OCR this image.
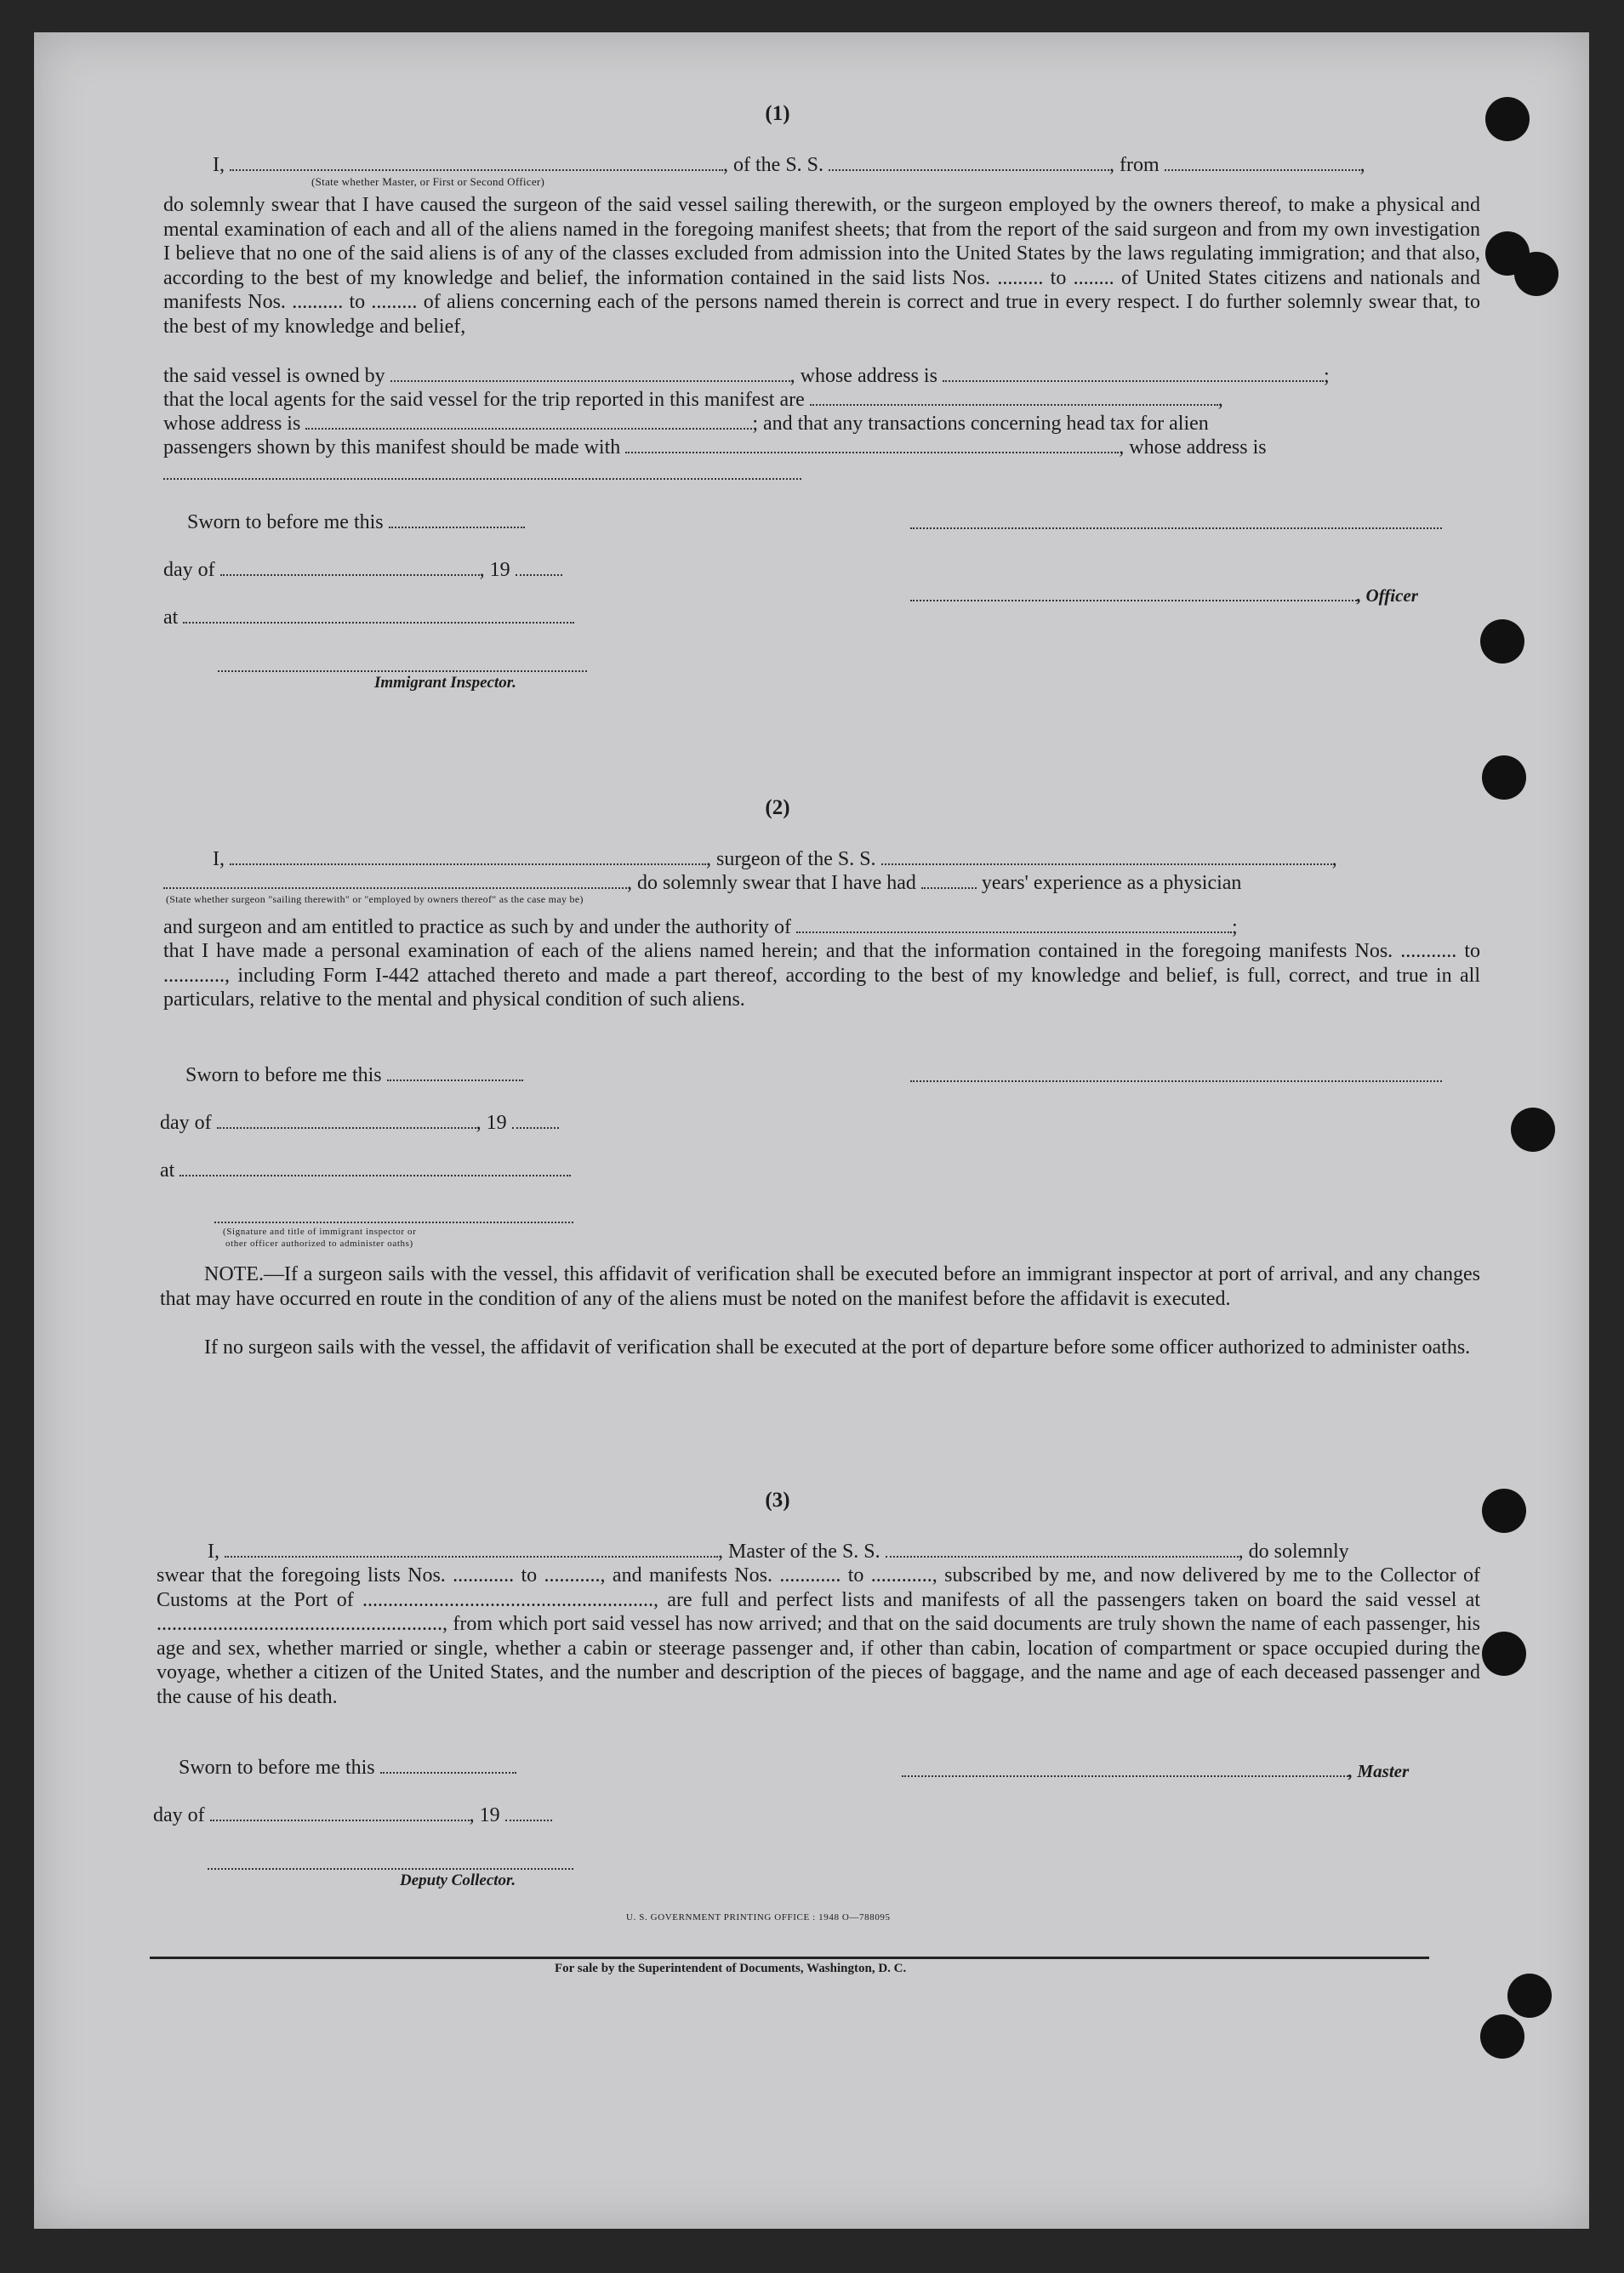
(1)
I,	, of the S. S.	, from	,
(State whether Master, or First or Second Officer)
do solemnly swear that I have caused the surgeon of the said vessel sailing therewith, or the surgeon employed by the owners thereof, to make a physical and mental examination of each and all of the aliens named in the foregoing manifest sheets; that from the report of the said surgeon and from my own investigation I believe that no one of the said aliens is of any of the classes excluded from admission into the United States by the laws regulating immigration; and that also, according to the best of my knowledge and belief, the information contained in the said lists Nos. ......... to ........ of United States citizens and nationals and manifests Nos. .......... to ......... of aliens concerning each of the persons named therein is correct and true in every respect. I do further solemnly swear that, to the best of my knowledge and belief,
the said vessel is owned by	, whose address is	;
that the local agents for the said vessel for the trip reported in this manifest are	,
whose address is	; and that any transactions concerning head tax for alien
passengers shown by this manifest should be made with	, whose address is
Sworn to before me this
day of	, 19
, Officer
at
Immigrant Inspector.
(2)
I,	, surgeon of the S. S.	,
, do solemnly swear that I have had	years' experience as a physician
(State whether surgeon "sailing therewith" or "employed by owners thereof" as the case may be)
and surgeon and am entitled to practice as such by and under the authority of	;
that I have made a personal examination of each of the aliens named herein; and that the information contained in the foregoing manifests Nos. ........... to ............, including Form I-442 attached thereto and made a part thereof, according to the best of my knowledge and belief, is full, correct, and true in all particulars, relative to the mental and physical condition of such aliens.
Sworn to before me this
day of	, 19
at
(Signature and title of immigrant inspector or
other officer authorized to administer oaths)
NOTE.—If a surgeon sails with the vessel, this affidavit of verification shall be executed before an immigrant inspector at port of arrival, and any changes that may have occurred en route in the condition of any of the aliens must be noted on the manifest before the affidavit is executed.
If no surgeon sails with the vessel, the affidavit of verification shall be executed at the port of departure before some officer authorized to administer oaths.
(3)
I,	, Master of the S. S.	, do solemnly
swear that the foregoing lists Nos. ............ to ..........., and manifests Nos. ............ to ............, subscribed by me, and now delivered by me to the Collector of Customs at the Port of ........................................................., are full and perfect lists and manifests of all the passengers taken on board the said vessel at ........................................................, from which port said vessel has now arrived; and that on the said documents are truly shown the name of each passenger, his age and sex, whether married or single, whether a cabin or steerage passenger and, if other than cabin, location of compartment or space occupied during the voyage, whether a citizen of the United States, and the number and description of the pieces of baggage, and the name and age of each deceased passenger and the cause of his death.
Sworn to before me this	, Master
day of	, 19
Deputy Collector.
U. S. GOVERNMENT PRINTING OFFICE : 1948 O—788095
For sale by the Superintendent of Documents, Washington, D. C.
